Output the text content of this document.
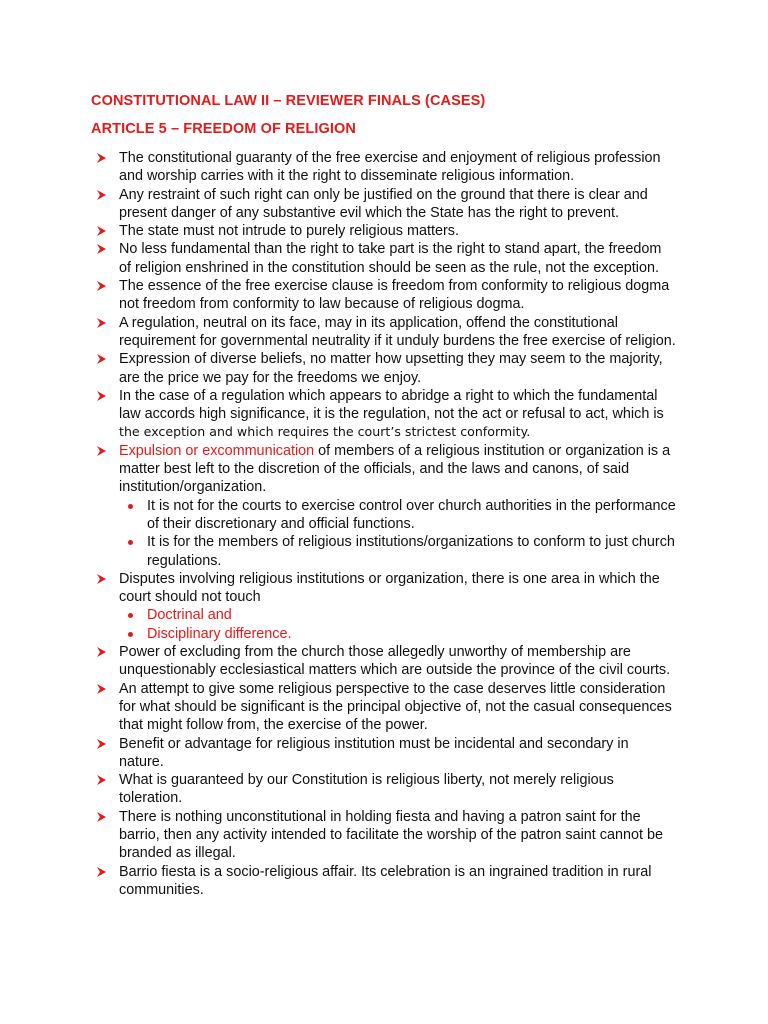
CONSTITUTIONAL LAW II – REVIEWER FINALS (CASES)
ARTICLE 5 – FREEDOM OF RELIGION
The constitutional guaranty of the free exercise and enjoyment of religious profession
and worship carries with it the right to disseminate religious information.
Any restraint of such right can only be justified on the ground that there is clear and
present danger of any substantive evil which the State has the right to prevent.
The state must not intrude to purely religious matters.
No less fundamental than the right to take part is the right to stand apart, the freedom
of religion enshrined in the constitution should be seen as the rule, not the exception.
The essence of the free exercise clause is freedom from conformity to religious dogma
not freedom from conformity to law because of religious dogma.
A regulation, neutral on its face, may in its application, offend the constitutional
requirement for governmental neutrality if it unduly burdens the free exercise of religion.
Expression of diverse beliefs, no matter how upsetting they may seem to the majority,
are the price we pay for the freedoms we enjoy.
In the case of a regulation which appears to abridge a right to which the fundamental
law accords high significance, it is the regulation, not the act or refusal to act, which is
the exception and which requires the court’s strictest conformity.
Expulsion or excommunication of members of a religious institution or organization is a
matter best left to the discretion of the officials, and the laws and canons, of said
institution/organization.
It is not for the courts to exercise control over church authorities in the performance
of their discretionary and official functions.
It is for the members of religious institutions/organizations to conform to just church
regulations.
Disputes involving religious institutions or organization, there is one area in which the
court should not touch
Doctrinal and
Disciplinary difference.
Power of excluding from the church those allegedly unworthy of membership are
unquestionably ecclesiastical matters which are outside the province of the civil courts.
An attempt to give some religious perspective to the case deserves little consideration
for what should be significant is the principal objective of, not the casual consequences
that might follow from, the exercise of the power.
Benefit or advantage for religious institution must be incidental and secondary in
nature.
What is guaranteed by our Constitution is religious liberty, not merely religious
toleration.
There is nothing unconstitutional in holding fiesta and having a patron saint for the
barrio, then any activity intended to facilitate the worship of the patron saint cannot be
branded as illegal.
Barrio fiesta is a socio-religious affair. Its celebration is an ingrained tradition in rural
communities.
